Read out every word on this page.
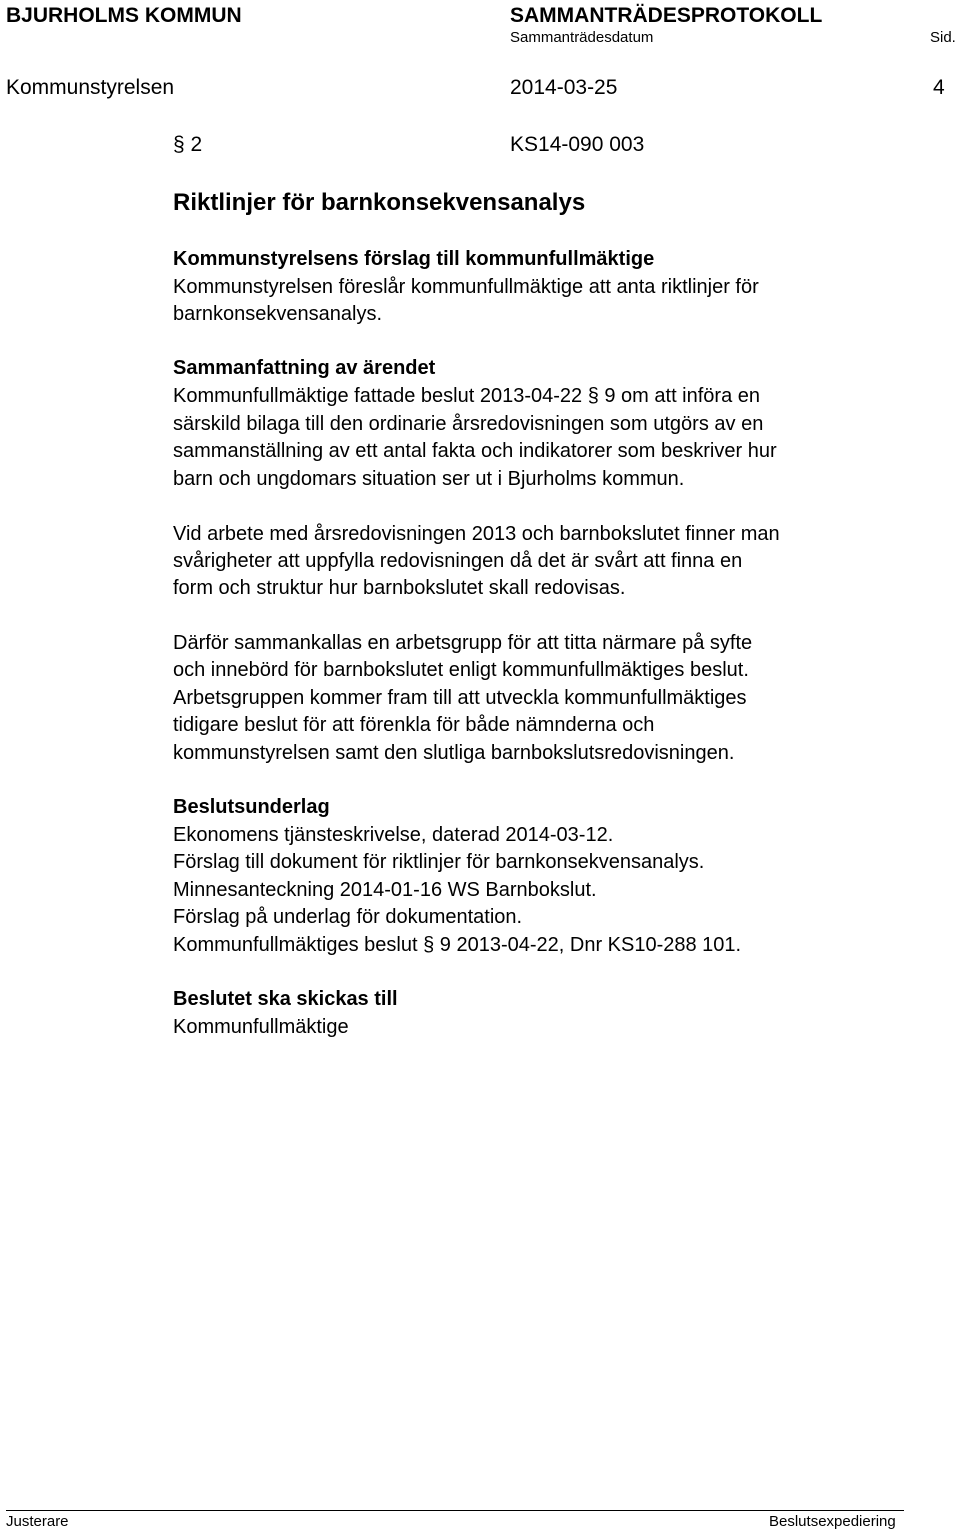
BJURHOLMS KOMMUN	SAMMANTRÄDESPROTOKOLL
Sammanträdesdatum	Sid.
Kommunstyrelsen	2014-03-25	4
§ 2	KS14-090 003
Riktlinjer för barnkonsekvensanalys
Kommunstyrelsens förslag till kommunfullmäktige
Kommunstyrelsen föreslår kommunfullmäktige att anta riktlinjer för
barnkonsekvensanalys.
Sammanfattning av ärendet
Kommunfullmäktige fattade beslut 2013-04-22 § 9 om att införa en
särskild bilaga till den ordinarie årsredovisningen som utgörs av en
sammanställning av ett antal fakta och indikatorer som beskriver hur
barn och ungdomars situation ser ut i Bjurholms kommun.
Vid arbete med årsredovisningen 2013 och barnbokslutet finner man
svårigheter att uppfylla redovisningen då det är svårt att finna en
form och struktur hur barnbokslutet skall redovisas.
Därför sammankallas en arbetsgrupp för att titta närmare på syfte
och innebörd för barnbokslutet enligt kommunfullmäktiges beslut.
Arbetsgruppen kommer fram till att utveckla kommunfullmäktiges
tidigare beslut för att förenkla för både nämnderna och
kommunstyrelsen samt den slutliga barnbokslutsredovisningen.
Beslutsunderlag
Ekonomens tjänsteskrivelse, daterad 2014-03-12.
Förslag till dokument för riktlinjer för barnkonsekvensanalys.
Minnesanteckning 2014-01-16 WS Barnbokslut.
Förslag på underlag för dokumentation.
Kommunfullmäktiges beslut § 9 2013-04-22, Dnr KS10-288 101.
Beslutet ska skickas till
Kommunfullmäktige
Justerare	Beslutsexpediering
